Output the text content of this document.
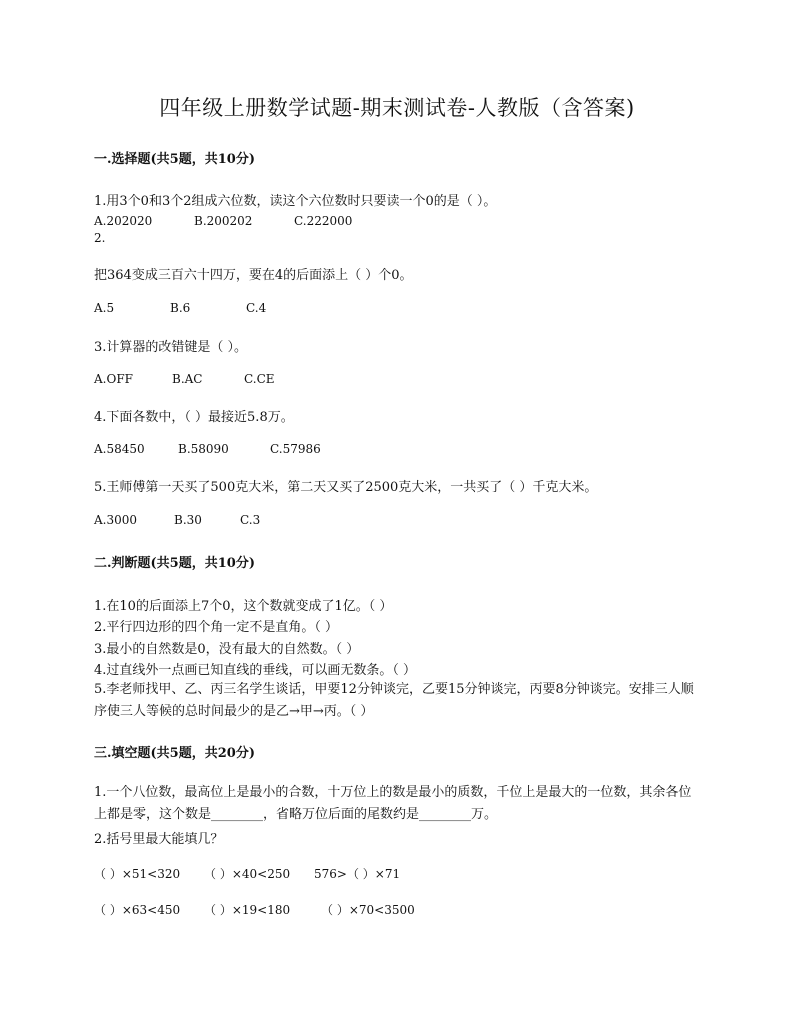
四年级上册数学试题-期末测试卷-人教版（含答案)
一.选择题(共5题，共10分)
1.用3个0和3个2组成六位数，读这个六位数时只要读一个0的是（ ）。
A.202020	B.200202	C.222000
2.
把364变成三百六十四万，要在4的后面添上（ ）个0。
A.5	B.6	C.4
3.计算器的改错键是（ ）。
A.OFF	B.AC	C.CE
4.下面各数中，（ ）最接近5.8万。
A.58450	B.58090	C.57986
5.王师傅第一天买了500克大米，第二天又买了2500克大米，一共买了（ ）千克大米。
A.3000	B.30	C.3
二.判断题(共5题，共10分)
1.在10的后面添上7个0，这个数就变成了1亿。（ ）
2.平行四边形的四个角一定不是直角。（ ）
3.最小的自然数是0，没有最大的自然数。（ ）
4.过直线外一点画已知直线的垂线，可以画无数条。（ ）
5.李老师找甲、乙、丙三名学生谈话，甲要12分钟谈完，乙要15分钟谈完，丙要8分钟谈完。安排三人顺序使三人等候的总时间最少的是乙→甲→丙。（ ）
三.填空题(共5题，共20分)
1.一个八位数，最高位上是最小的合数，十万位上的数是最小的质数，千位上是最大的一位数，其余各位上都是零，这个数是________，省略万位后面的尾数约是________万。
2.括号里最大能填几？
（ ）×51<320 （ ）×40<250 576>（ ）×71
（ ）×63<450 （ ）×19<180	（ ）×70<3500
